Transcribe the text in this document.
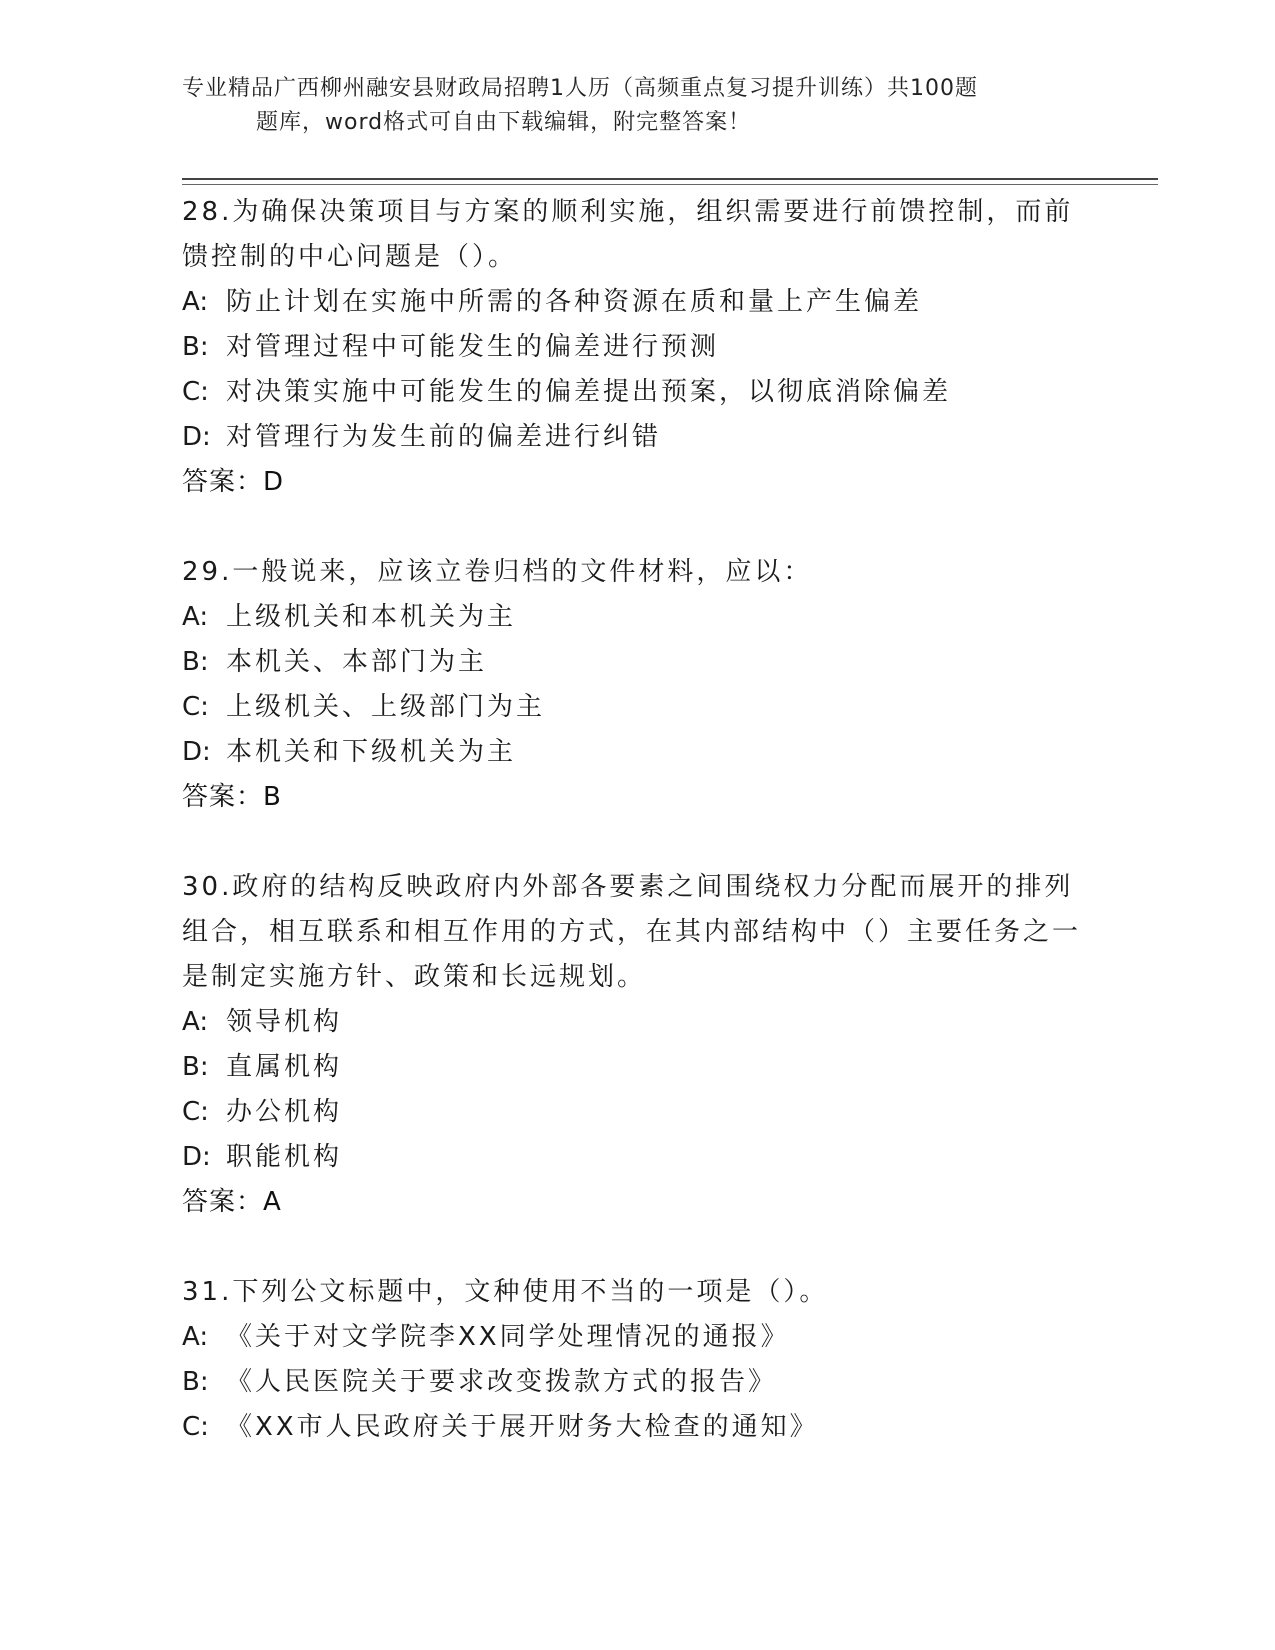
专业精品广西柳州融安县财政局招聘1人历（高频重点复习提升训练）共100题
题库，word格式可自由下载编辑，附完整答案！
28.为确保决策项目与方案的顺利实施，组织需要进行前馈控制，而前馈控制的中心问题是（）。
A: 防止计划在实施中所需的各种资源在质和量上产生偏差
B: 对管理过程中可能发生的偏差进行预测
C: 对决策实施中可能发生的偏差提出预案，以彻底消除偏差
D: 对管理行为发生前的偏差进行纠错
答案：D
29.一般说来，应该立卷归档的文件材料，应以：
A: 上级机关和本机关为主
B: 本机关、本部门为主
C: 上级机关、上级部门为主
D: 本机关和下级机关为主
答案：B
30.政府的结构反映政府内外部各要素之间围绕权力分配而展开的排列组合，相互联系和相互作用的方式，在其内部结构中（）主要任务之一是制定实施方针、政策和长远规划。
A: 领导机构
B: 直属机构
C: 办公机构
D: 职能机构
答案：A
31.下列公文标题中，文种使用不当的一项是（）。
A: 《关于对文学院李XX同学处理情况的通报》
B: 《人民医院关于要求改变拨款方式的报告》
C: 《XX市人民政府关于展开财务大检查的通知》
